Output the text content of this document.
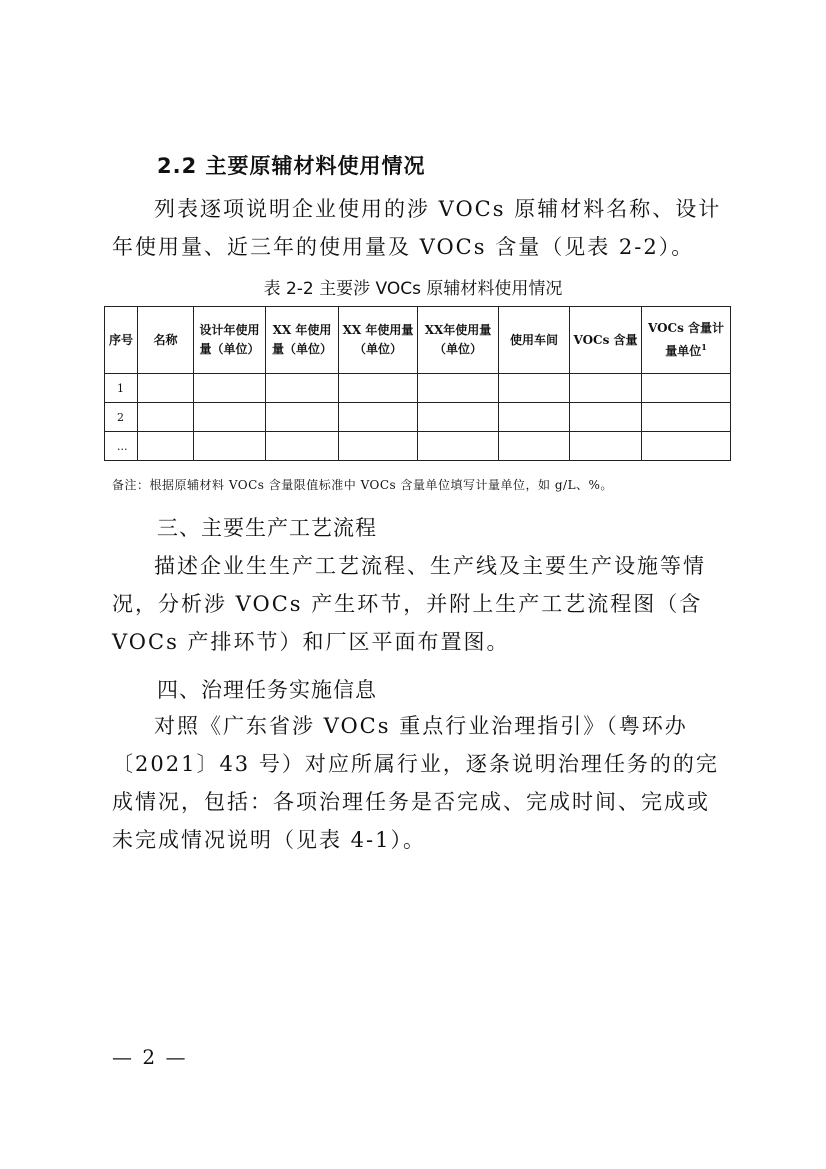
2.2 主要原辅材料使用情况

列表逐项说明企业使用的涉 VOCs 原辅材料名称、设计年使用量、近三年的使用量及 VOCs 含量（见表 2-2）。

表 2-2 主要涉 VOCs 原辅材料使用情况
序号	名称	设计年使用量（单位）	XX 年使用量（单位）	XX 年使用量（单位）	XX年使用量（单位）	使用车间	VOCs 含量	VOCs 含量计量单位$^1$
1								
2								
...								
备注：根据原辅材料 VOCs 含量限值标准中 VOCs 含量单位填写计量单位，如 g/L、%。
三、主要生产工艺流程

描述企业生生产工艺流程、生产线及主要生产设施等情况，分析涉 VOCs 产生环节，并附上生产工艺流程图（含 VOCs 产排环节）和厂区平面布置图。

四、治理任务实施信息

对照《广东省涉 VOCs 重点行业治理指引》（粤环办〔2021〕43 号）对应所属行业，逐条说明治理任务的的完成情况，包括：各项治理任务是否完成、完成时间、完成或未完成情况说明（见表 4-1）。

— 2 —
